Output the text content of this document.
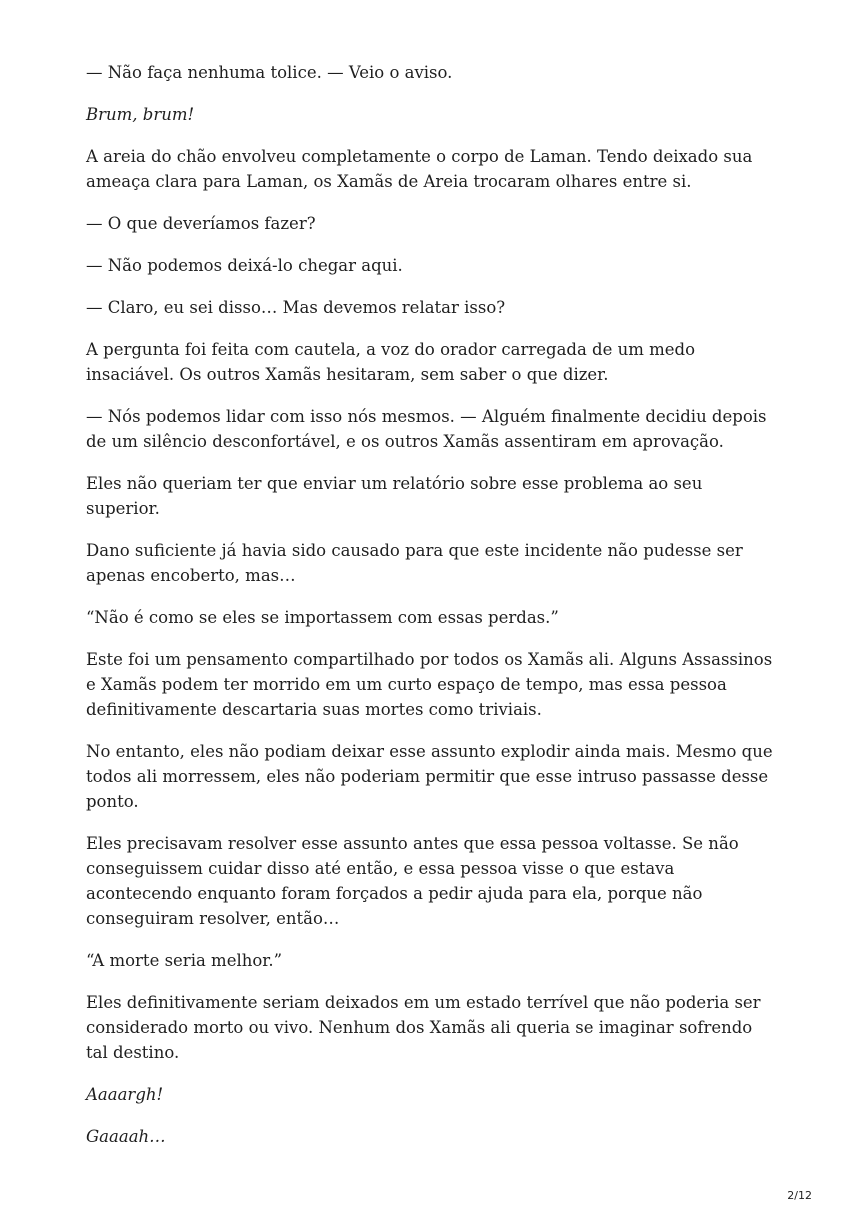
— Não faça nenhuma tolice. — Veio o aviso.

Brum, brum!

A areia do chão envolveu completamente o corpo de Laman. Tendo deixado sua ameaça clara para Laman, os Xamãs de Areia trocaram olhares entre si.

— O que deveríamos fazer?

— Não podemos deixá-lo chegar aqui.

— Claro, eu sei disso… Mas devemos relatar isso?

A pergunta foi feita com cautela, a voz do orador carregada de um medo insaciável. Os outros Xamãs hesitaram, sem saber o que dizer.

— Nós podemos lidar com isso nós mesmos. — Alguém finalmente decidiu depois de um silêncio desconfortável, e os outros Xamãs assentiram em aprovação.

Eles não queriam ter que enviar um relatório sobre esse problema ao seu superior.

Dano suficiente já havia sido causado para que este incidente não pudesse ser apenas encoberto, mas…

“Não é como se eles se importassem com essas perdas.”

Este foi um pensamento compartilhado por todos os Xamãs ali. Alguns Assassinos e Xamãs podem ter morrido em um curto espaço de tempo, mas essa pessoa definitivamente descartaria suas mortes como triviais.

No entanto, eles não podiam deixar esse assunto explodir ainda mais. Mesmo que todos ali morressem, eles não poderiam permitir que esse intruso passasse desse ponto.

Eles precisavam resolver esse assunto antes que essa pessoa voltasse. Se não conseguissem cuidar disso até então, e essa pessoa visse o que estava acontecendo enquanto foram forçados a pedir ajuda para ela, porque não conseguiram resolver, então…

“A morte seria melhor.”

Eles definitivamente seriam deixados em um estado terrível que não poderia ser considerado morto ou vivo. Nenhum dos Xamãs ali queria se imaginar sofrendo tal destino.

Aaaargh!

Gaaaah…

2/12
